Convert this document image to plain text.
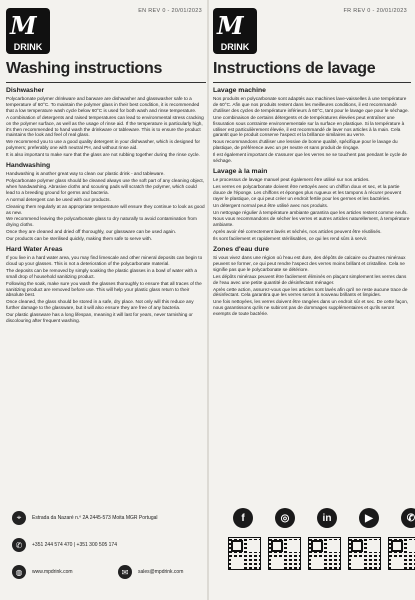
M
DRINK
EN REV 0 - 20/01/2023
Washing instructions
Dishwasher

Polycarbonate polymer drinkware and barware are dishwasher and glasswasher safe to a temperature of 60°C. To maintain the polymer glass in their best condition, it is recommended that a low temperature wash cycle below 60°C is used for both wash and rinse temperature.

A combination of detergents and raised temperatures can lead to environmental stress cracking on the polymer surface, as well as the usage of rinse aid. If the temperature is particularly high, it's then recommended to hand wash the drinkware or tableware. This is to ensure the product maintains the look and feel of real glass.

We recommend you to use a good quality detergent in your dishwasher, which is designed for polymers; preferably one with neutral PH, and without rinse aid.

It is also important to make sure that the glass are not rubbing together during the rinse cycle.

Handwashing

Handwashing is another great way to clean our plastic drink - and tableware.

Polycarbonate polymer glass should be cleaned always use the soft part of any cleaning object, when handwashing. Abrasive cloths and scouring pads will scratch the polymer, which could lead to a breeding ground for germs and bacteria.

A normal detergent can be used with our products.

Cleaning them regularly at an appropriate temperature will ensure they continue to look as good as new.

We recommend leaving the polycarbonate glass to dry naturally to avoid contamination from drying cloths.

Once they are cleaned and dried off thoroughly, our glassware can be used again.

Our products can be sterilised quickly, making them safe to serve with.

Hard Water Areas

If you live in a hard water area, you may find limescale and other mineral deposits can begin to cloud up your glasses. This is not a deterioration of the polycarbonate material.

The deposits can be removed by simply soaking the plastic glasses in a bowl of water with a small drop of household sanitizing product.

Following the soak, make sure you wash the glasses thoroughly to ensure that all traces of the sanitizing product are removed before use. This will help your plastic glass return to their absolute best.

Once cleaned, the glass should be stored in a safe, dry place. Not only will this reduce any further damage to the glassware, but it will also ensure they are free of any bacteria.

Our plastic glassware has a long lifespan, meaning it will last for years, never tarnishing or discolouring after frequent washing.

M
DRINK
FR REV 0 - 20/01/2023
Instructions de lavage
Lavage machine

Nos produits en polycarbonate sont adaptés aux machines lave-vaisselles à une température de 60°C. Afin que nos produits restent dans les meilleures conditions, il est recommandé d'utiliser des cycles de température inférieurs à 60°C, tant pour le lavage que pour le séchage.

Une combinaison de certains détergents et de températures élevées peut entraîner une fissuration sous contrainte environnementale sur la surface en plastique. Si la température à utiliser est particulièrement élevée, il est recommandé de laver nos articles à la main. Cela garantit que le produit conserve l'aspect et la brillance similaires au verre.

Nous recommandons d'utiliser une lessive de bonne qualité, spécifique pour le lavage du plastique, de préférence avec un pH neutre et sans produit de rinçage.

Il est également important de s'assurer que les verres ne se touchent pas pendant le cycle de séchage.

Lavage à la main

Le processus de lavage manuel peut également être utilisé sur nos articles.

Les verres en polycarbonate doivent être nettoyés avec un chiffon doux et sec, et la partie douce de l'éponge. Les chiffons et éponges plus rugueux et les tampons à récurer peuvent rayer le plastique, ce qui peut créer un endroit fertile pour les germes et les bactéries.

Un détergent normal peut être utilisé avec nos produits.

Un nettoyage régulier à température ambiante garantira que les articles restent comme neufs.

Nous vous recommandons de sécher les verres et autres articles naturellement, à température ambiante.

Après avoir été correctement lavés et séchés, nos articles peuvent être réutilisés.

Ils sont facilement et rapidement stérilisables, ce qui les rend sûrs à servir.

Zones d'eau dure

Si vous vivez dans une région où l'eau est dure, des dépôts de calcaire ou d'autres minéraux peuvent se former, ce qui peut rendre l'aspect des verres moins brillant et cristalline. Cela ne signifie pas que le polycarbonate se détériore.

Les dépôts minéraux peuvent être facilement éliminés en plaçant simplement les verres dans de l'eau avec une petite quantité de désinfectant ménager.

Après cette action, assurez-vous que les articles sont lavés afin qu'il ne reste aucune trace de désinfectant. Cela garantira que les verres seront à nouveau brillants et limpides.

Une fois nettoyées, les verres doivent être rangées dans un endroit sûr et sec. De cette façon, nous garantissons qu'ils ne subiront pas de dommages supplémentaires et qu'ils seront exempts de toute bactérie.

⌖	Estrada da Nazaré n.º 2A 2445-573 Moita MGR Portugal
✆	+351 244 574 470 | +351 300 505 174
◍	www.mpdrink.com	✉	sales@mpdrink.com
f	◎	in	▶	✆
